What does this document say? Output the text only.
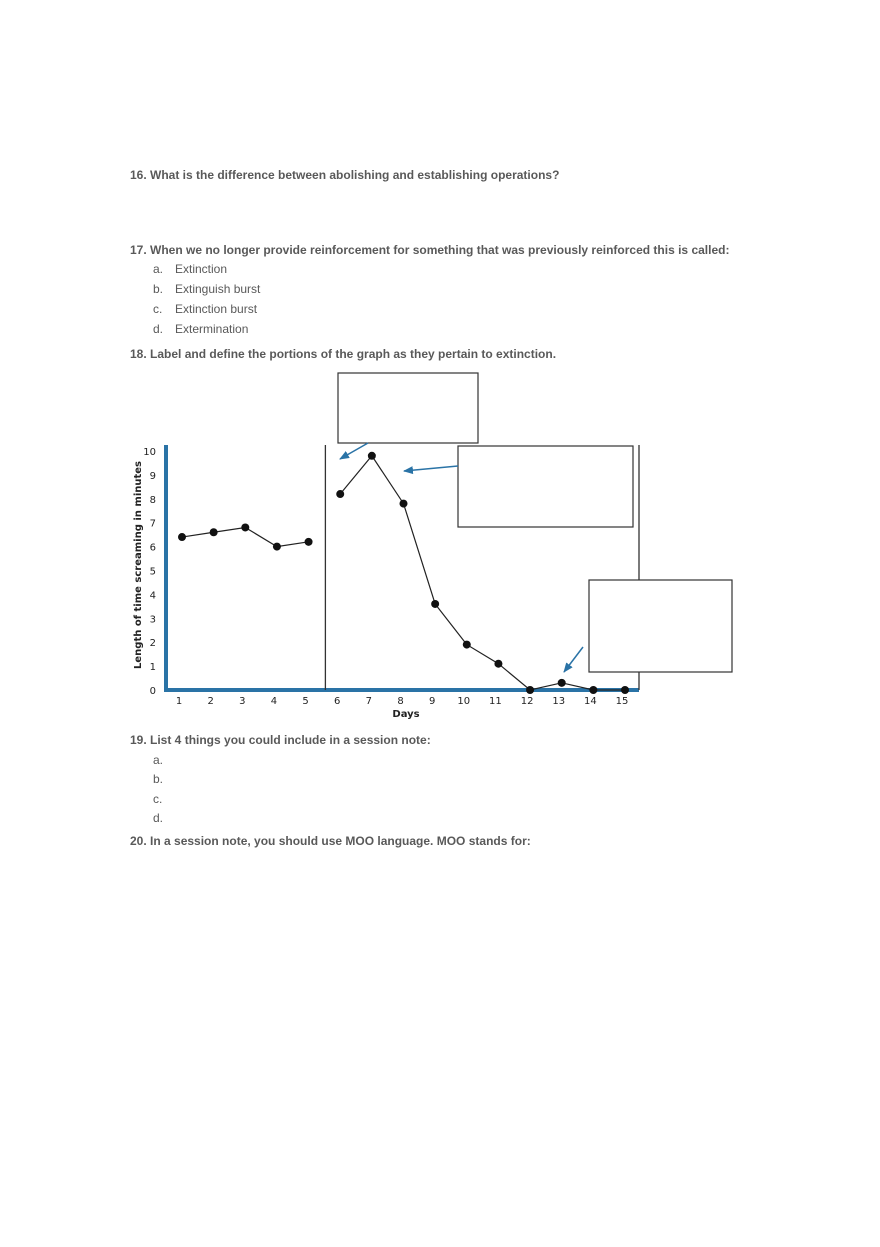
16. What is the difference between abolishing and establishing operations?
17. When we no longer provide reinforcement for something that was previously reinforced this is called:
a. Extinction
b. Extinguish burst
c. Extinction burst
d. Extermination
18. Label and define the portions of the graph as they pertain to extinction.
0
1
2
3
4
5
6
7
8
9
10
1	2	3	4	5	6	7	8	9 10 11 12 13 14 15
Days
Length of time screaming in minutes
19. List 4 things you could include in a session note:
a.
b.
c.
d.
20. In a session note, you should use MOO language. MOO stands for:
